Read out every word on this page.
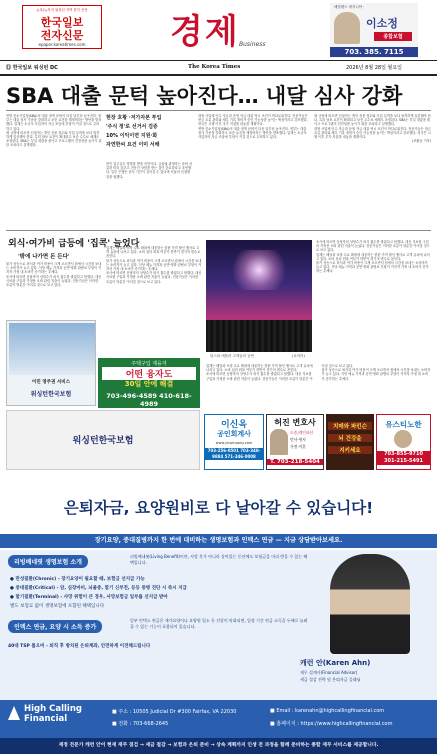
뉴욕/뉴저지 워싱턴 지역 한인 신문
한국일보
전자신문
epaper.koreatimes.com	경제 Business
메릴랜드 버지니아 ·
이소정
종합보험
703. 385. 7115
⑪ 한국일보 워싱턴 DC	The Korea Times	2026년 8월 28일 월요일
SBA 대출 문턱 높아진다… 내달 심사 강화

연방 중소기업청(SBA)의 대출 정책 문턱이 다음 달부터 높아진다. 정부는 대출 심사 기준을 강화하고 보증 요건을 재정비하는 방안을 발표했다. 업계는 소규모 사업자의 자금 조달에 부담이 커질 것으로 우려하고 있다.

새 규정에 따르면 신청자는 개인 신용 점수와 사업 실적을 보다 엄격하게 입증해야 한다. 특히 담보 요건이 확대되고 보증 수수료 체계도 조정된다. SBA는 부실 대출을 줄이고 프로그램의 건전성을 높이기 위한 조치라고 설명했다.

현장 호황 ·저가자본 투입
'주식 정'로 선거서 검증
10% 이익이면 지원·화
자연한씨 요건 이미 서해

한인 업주들도 영향을 받을 전망이다. 금융권 관계자는 준비 서류를 미리 갖추고 전문가 상담을 받는 것이 중요하다고 조언했다. 일부 은행은 심사 기간이 길어질 수 있다며 서둘러 신청할 것을 권했다.

대형 사업체 인수 자금과 운영 자금 대출 역시 조건이 까다로워진다. 전문가들은 현금 흐름 관리와 세무 기록 정비가 승인 가능성을 높이는 핵심이라고 강조했다. 당국은 시행 이후 추가 지침을 내놓을 계획이다.

연방 중소기업청(SBA)의 대출 정책 문턱이 다음 달부터 높아진다. 정부는 대출 심사 기준을 강화하고 보증 요건을 재정비하는 방안을 발표했다. 업계는 소규모 사업자의 자금 조달에 부담이 커질 것으로 우려하고 있다.

새 규정에 따르면 신청자는 개인 신용 점수와 사업 실적을 보다 엄격하게 입증해야 한다. 특히 담보 요건이 확대되고 보증 수수료 체계도 조정된다. SBA는 부실 대출을 줄이고 프로그램의 건전성을 높이기 위한 조치라고 설명했다.

대형 사업체 인수 자금과 운영 자금 대출 역시 조건이 까다로워진다. 전문가들은 현금 흐름 관리와 세무 기록 정비가 승인 가능성을 높이는 핵심이라고 강조했다. 당국은 시행 이후 추가 지침을 내놓을 계획이다.

(조환동 기자)

외식·여가비 급등에 '집콕' 늘었다
'밖에 나가면 돈 든다'

물가 상승으로 외식과 여가 비용이 크게 오르면서 집에서 시간을 보내는 소비자가 늘고 있다. 식당 메뉴 가격과 공연·영화 관람료 부담이 커지자 가정 내 소비가 증가하는 추세다.

조사에 따르면 응답자의 상당수가 외식 횟수를 줄였다고 답했다. 대신 식료품 구입과 가정용 오락 관련 지출이 늘었다. 전문가들은 이러한 흐름이 당분간 이어질 것으로 보고 있다.

업계는 배달과 포장 수요 확대에 대응하는 한편 가격 할인 행사로 고객 유치에 나서고 있다. 소비 심리 회복 여부가 하반기 경기의 변수로 꼽힌다.

물가 상승으로 외식과 여가 비용이 크게 오르면서 집에서 시간을 보내는 소비자가 늘고 있다. 식당 메뉴 가격과 공연·영화 관람료 부담이 커지자 가정 내 소비가 증가하는 추세다.

조사에 따르면 응답자의 상당수가 외식 횟수를 줄였다고 답했다. 대신 식료품 구입과 가정용 오락 관련 지출이 늘었다. 전문가들은 이러한 흐름이 당분간 이어질 것으로 보고 있다.

링스타 애틀라 고객들의 공연	(로이터)

조사에 따르면 응답자의 상당수가 외식 횟수를 줄였다고 답했다. 대신 식료품 구입과 가정용 오락 관련 지출이 늘었다. 전문가들은 이러한 흐름이 당분간 이어질 것으로 보고 있다.

업계는 배달과 포장 수요 확대에 대응하는 한편 가격 할인 행사로 고객 유치에 나서고 있다. 소비 심리 회복 여부가 하반기 경기의 변수로 꼽힌다.

물가 상승으로 외식과 여가 비용이 크게 오르면서 집에서 시간을 보내는 소비자가 늘고 있다. 식당 메뉴 가격과 공연·영화 관람료 부담이 커지자 가정 내 소비가 증가하는 추세다.

업계는 배달과 포장 수요 확대에 대응하는 한편 가격 할인 행사로 고객 유치에 나서고 있다. 소비 심리 회복 여부가 하반기 경기의 변수로 꼽힌다.

조사에 따르면 응답자의 상당수가 외식 횟수를 줄였다고 답했다. 대신 식료품 구입과 가정용 오락 관련 지출이 늘었다. 전문가들은 이러한 흐름이 당분간 이어질 것으로 보고 있다.

물가 상승으로 외식과 여가 비용이 크게 오르면서 집에서 시간을 보내는 소비자가 늘고 있다. 식당 메뉴 가격과 공연·영화 관람료 부담이 커지자 가정 내 소비가 증가하는 추세다.

이민 영주권 서비스
워싱턴한국보험
주택구입 재융자
어떤 융자도
30일 안에 해결
703-496-4589 410-618-4989
이신옥
공인회계사
www.yicompany.com
703-256-0501 703-348-9884 571-346-0008
허진 변호사
소송/개인파산
민사·형사
가정·이혼
T. 703-218-5404
치매와 파킨슨
뇌 건강을
지키세요
유스티노한
703-855-9710 301-215-5491
워싱턴한국보험
은퇴자금, 요양원비로 다 날아갈 수 있습니다!
장기요양, 중대질병까지 한 번에 대비하는 생명보험과 인덱스 연금 — 지금 상담받아보세요.
리빙베네핏 생명보험 소개
리빙베네핏(Living Benefit)이란, 사망 후가 아니라 살아있는 동안에도 보험금을 미리 받을 수 있는 혜택입니다.
● 만성질환(Chronic) - 장기요양이 필요할 때, 보험금 선지급 가능
● 중대질환(Critical) - 암, 심장마비, 뇌졸중, 말기 신부전, 등등 중병 진단 시 즉시 지급
● 말기질환(Terminal) - 사망 위험이 큰 경우, 사망보험금 일부를 선지급 받아
별도 보험료 없이 생명보험에 포함된 혜택입니다
인덱스 연금, 요양 시 소득 증가
일부 인덱스 연금은 재가요양이나 요양원 입소 등 건강이 악화되면, 일정 기간 연금 소득을 두배로 늘려 줄 수 있는 기능이 포함되어 있습니다.
40대 TSP 롤오버 - 퇴직 후 방치된 은퇴계좌, 안전하게 이전해드립니다
캐런 안(Karen Ahn)
재무 설계사(Financial Advisor)
세금 절감 전략 및 은퇴자금 플래닝
High Calling Financial
■ 주소 : 10505 Judicial Dr #300 Fairfax, VA 22030
■ 전화 : 703-668-2645
■ Email : karenahn@highcallingfinancial.com
■ 홈페이지 : https://www.highcallingfinancial.com
재정 전문가 캐런 안이 현재 재무 점검 → 세금 절감 → 보험과 은퇴 준비 → 상속 계획까지 인생 전 과정을 함께 준비하는 종합 재무 서비스를 제공합니다.
